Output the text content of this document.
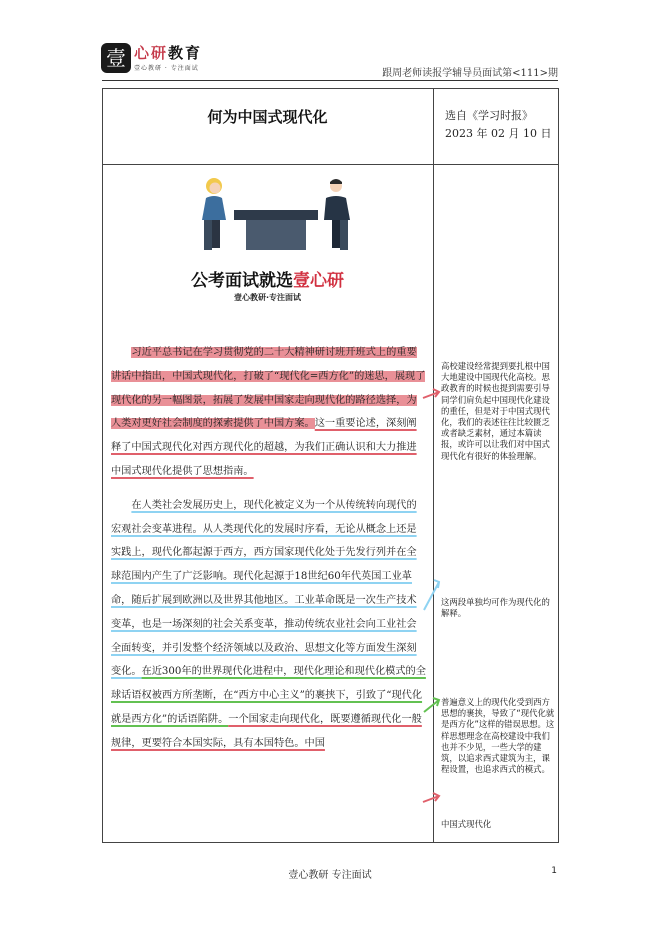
壹 心研教育
壹心教研 · 专注面试	跟周老师读报学辅导员面试第<111>期
何为中国式现代化	选自《学习时报》
2023 年 02 月 10 日
公考面试就选壹心研
壹心教研·专注面试

习近平总书记在学习贯彻党的二十大精神研讨班开班式上的重要讲话中指出，中国式现代化，打破了“现代化=西方化”的迷思，展现了现代化的另一幅图景，拓展了发展中国家走向现代化的路径选择，为人类对更好社会制度的探索提供了中国方案。这一重要论述，深刻阐释了中国式现代化对西方现代化的超越，为我们正确认识和大力推进中国式现代化提供了思想指南。

在人类社会发展历史上，现代化被定义为一个从传统转向现代的宏观社会变革进程。从人类现代化的发展时序看，无论从概念上还是实践上，现代化都起源于西方，西方国家现代化处于先发行列并在全球范围内产生了广泛影响。现代化起源于18世纪60年代英国工业革命，随后扩展到欧洲以及世界其他地区。工业革命既是一次生产技术变革，也是一场深刻的社会关系变革，推动传统农业社会向工业社会全面转变，并引发整个经济领域以及政治、思想文化等方面发生深刻变化。在近300年的世界现代化进程中，现代化理论和现代化模式的全球话语权被西方所垄断，在“西方中心主义”的裹挟下，引致了“现代化就是西方化”的话语陷阱。一个国家走向现代化，既要遵循现代化一般规律，更要符合本国实际，具有本国特色。中国

高校建设经常提到要扎根中国大地建设中国现代化高校。思政教育的时候也提到需要引导同学们肩负起中国现代化建设的重任，但是对于中国式现代化，我们的表述往往比较匮乏或者缺乏素材，通过本篇读报，或许可以让我们对中国式现代化有很好的体验理解。
这两段单独均可作为现代化的解释。
普遍意义上的现代化受到西方思想的裹挟，导致了“现代化就是西方化”这样的错误思想。这样思想理念在高校建设中我们也并不少见，一些大学的建筑，以追求西式建筑为主，课程设置，也追求西式的模式。
中国式现代化
壹心教研 专注面试	1
